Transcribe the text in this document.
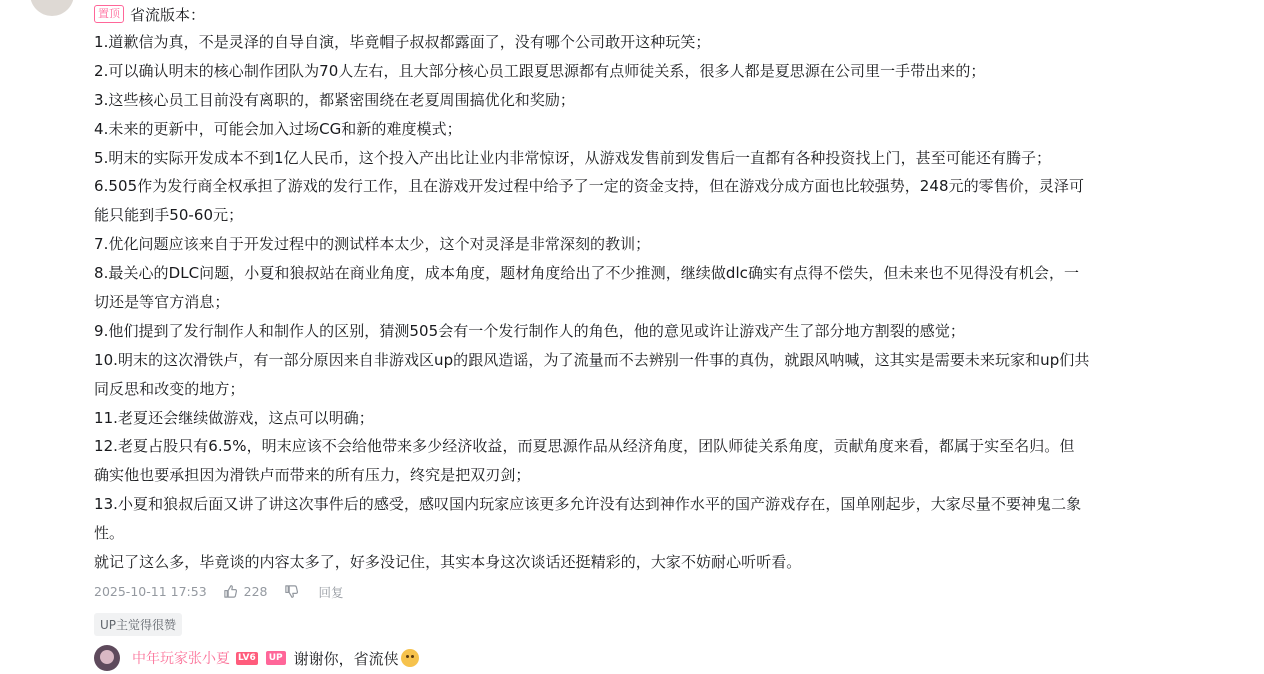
置顶 省流版本：
1.道歉信为真，不是灵泽的自导自演，毕竟帽子叔叔都露面了，没有哪个公司敢开这种玩笑；
2.可以确认明末的核心制作团队为70人左右，且大部分核心员工跟夏思源都有点师徒关系，很多人都是夏思源在公司里一手带出来的；
3.这些核心员工目前没有离职的，都紧密围绕在老夏周围搞优化和奖励；
4.未来的更新中，可能会加入过场CG和新的难度模式；
5.明末的实际开发成本不到1亿人民币，这个投入产出比让业内非常惊讶，从游戏发售前到发售后一直都有各种投资找上门，甚至可能还有腾子；
6.505作为发行商全权承担了游戏的发行工作，且在游戏开发过程中给予了一定的资金支持，但在游戏分成方面也比较强势，248元的零售价，灵泽可
能只能到手50-60元；
7.优化问题应该来自于开发过程中的测试样本太少，这个对灵泽是非常深刻的教训；
8.最关心的DLC问题，小夏和狼叔站在商业角度，成本角度，题材角度给出了不少推测，继续做dlc确实有点得不偿失，但未来也不见得没有机会，一
切还是等官方消息；
9.他们提到了发行制作人和制作人的区别，猜测505会有一个发行制作人的角色，他的意见或许让游戏产生了部分地方割裂的感觉；
10.明末的这次滑铁卢，有一部分原因来自非游戏区up的跟风造谣，为了流量而不去辨别一件事的真伪，就跟风呐喊，这其实是需要未来玩家和up们共
同反思和改变的地方；
11.老夏还会继续做游戏，这点可以明确；
12.老夏占股只有6.5%，明末应该不会给他带来多少经济收益，而夏思源作品从经济角度，团队师徒关系角度，贡献角度来看，都属于实至名归。但
确实他也要承担因为滑铁卢而带来的所有压力，终究是把双刃剑；
13.小夏和狼叔后面又讲了讲这次事件后的感受，感叹国内玩家应该更多允许没有达到神作水平的国产游戏存在，国单刚起步，大家尽量不要神鬼二象
性。
就记了这么多，毕竟谈的内容太多了，好多没记住，其实本身这次谈话还挺精彩的，大家不妨耐心听听看。
2025-10-11 17:53	228	回复
UP主觉得很赞
中年玩家张小夏 LV6	UP 谢谢你，省流侠
